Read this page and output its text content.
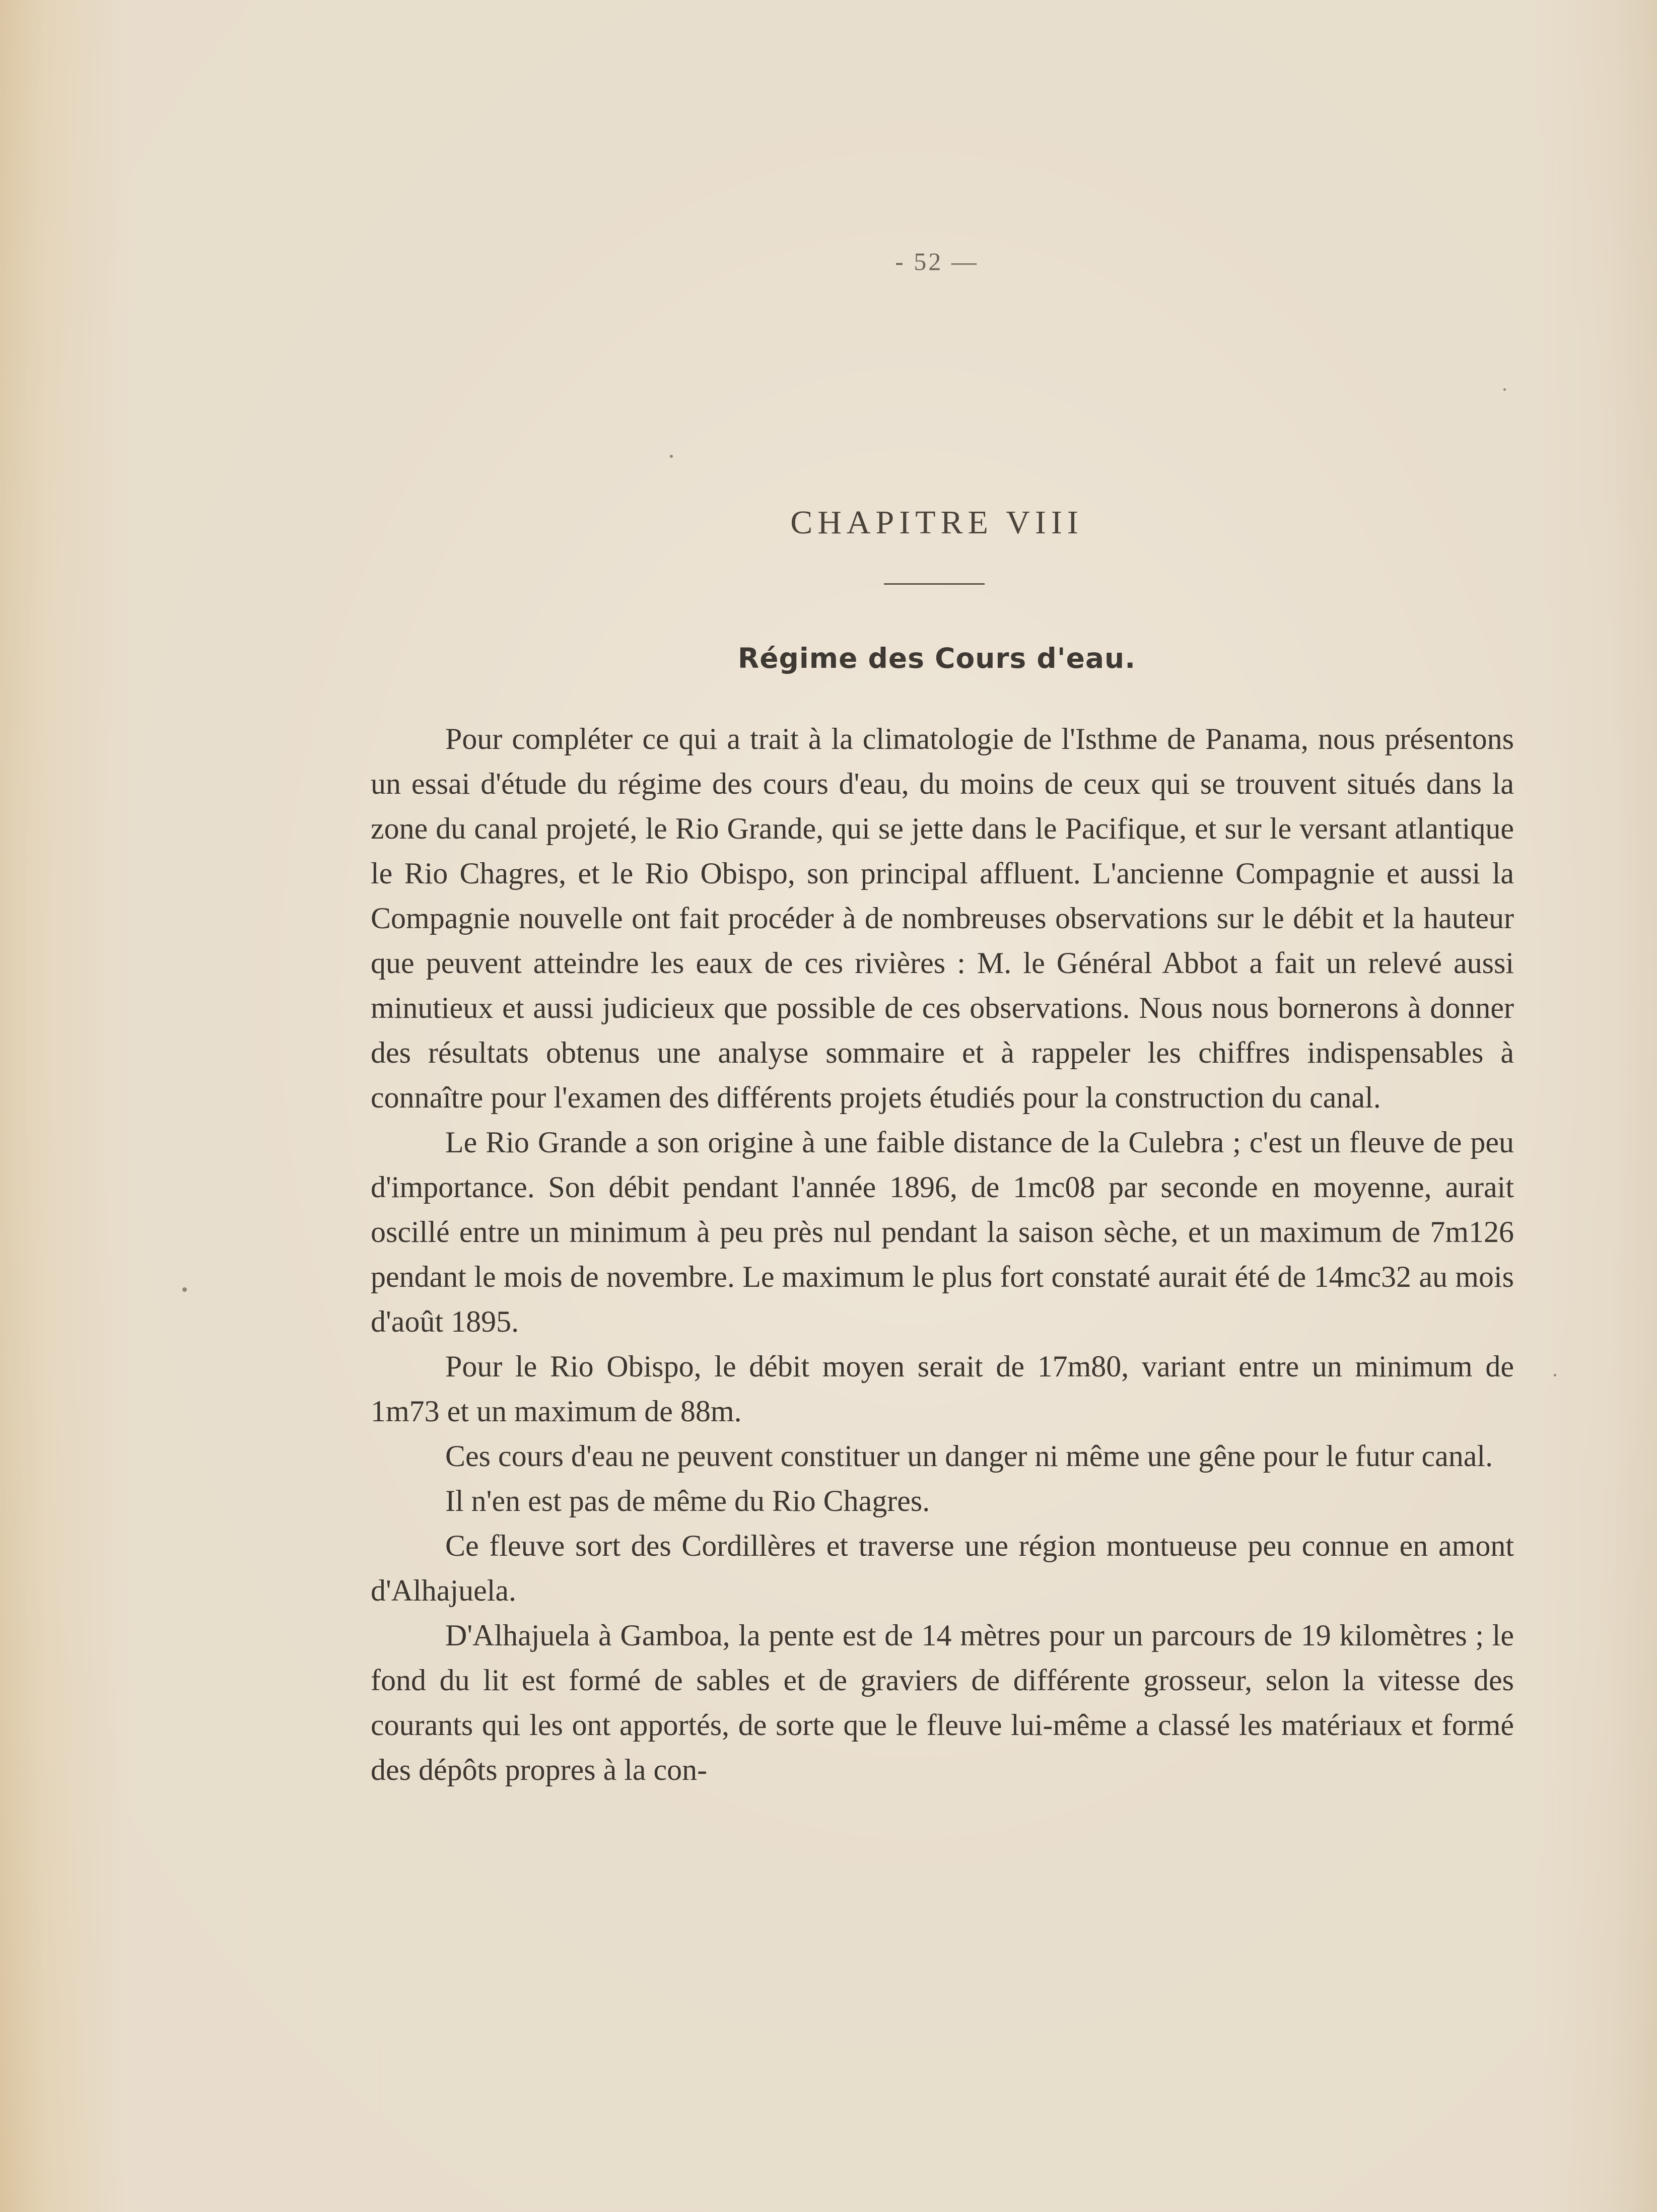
- 52 —
CHAPITRE VIII
Régime des Cours d'eau.

Pour compléter ce qui a trait à la climatologie de l'Isthme de Panama, nous présentons un essai d'étude du régime des cours d'eau, du moins de ceux qui se trouvent situés dans la zone du canal projeté, le Rio Grande, qui se jette dans le Pacifique, et sur le versant atlantique le Rio Chagres, et le Rio Obispo, son principal affluent. L'ancienne Compagnie et aussi la Compagnie nouvelle ont fait procéder à de nombreuses observations sur le débit et la hauteur que peuvent atteindre les eaux de ces rivières : M. le Général Abbot a fait un relevé aussi minutieux et aussi judicieux que possible de ces observations. Nous nous bornerons à donner des résultats obtenus une analyse sommaire et à rappeler les chiffres indispensables à connaître pour l'examen des différents projets étudiés pour la construction du canal.

Le Rio Grande a son origine à une faible distance de la Culebra ; c'est un fleuve de peu d'importance. Son débit pendant l'année 1896, de 1mc08 par seconde en moyenne, aurait oscillé entre un minimum à peu près nul pendant la saison sèche, et un maximum de 7m126 pendant le mois de novembre. Le maximum le plus fort constaté aurait été de 14mc32 au mois d'août 1895.

Pour le Rio Obispo, le débit moyen serait de 17m80, variant entre un minimum de 1m73 et un maximum de 88m.

Ces cours d'eau ne peuvent constituer un danger ni même une gêne pour le futur canal.

Il n'en est pas de même du Rio Chagres.

Ce fleuve sort des Cordillères et traverse une région montueuse peu connue en amont d'Alhajuela.

D'Alhajuela à Gamboa, la pente est de 14 mètres pour un parcours de 19 kilomètres ; le fond du lit est formé de sables et de graviers de différente grosseur, selon la vitesse des courants qui les ont apportés, de sorte que le fleuve lui-même a classé les matériaux et formé des dépôts propres à la con-
